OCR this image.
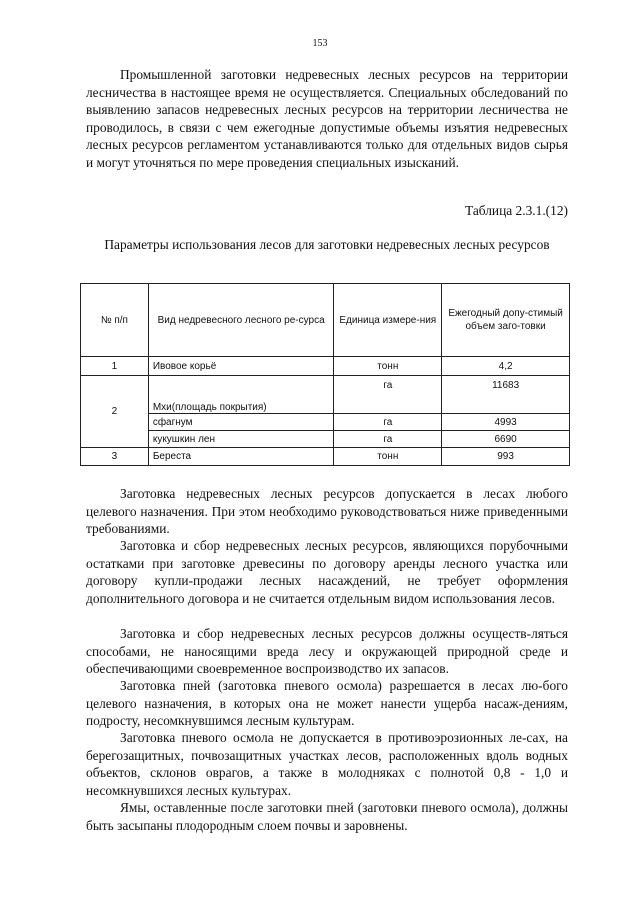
153

Промышленной заготовки недревесных лесных ресурсов на территории лесничества в настоящее время не осуществляется. Специальных обследований по выявлению запасов недревесных лесных ресурсов на территории лесничества не проводилось, в связи с чем ежегодные допустимые объемы изъятия недревесных лесных ресурсов регламентом устанавливаются только для отдельных видов сырья и могут уточняться по мере проведения специальных изысканий.

Таблица 2.3.1.(12)
Параметры использования лесов для заготовки недревесных лесных ресурсов
№ п/п	Вид недревесного лесного ре-сурса	Единица измере-ния	Ежегодный допу-стимый объем заго-товки
1	Ивовое корьё	тонн	4,2
2	Мхи(площадь покрытия)	га	11683
	сфагнум	га	4993
	кукушкин лен	га	6690
3	Береста	тонн	993

Заготовка недревесных лесных ресурсов допускается в лесах любого целевого назначения. При этом необходимо руководствоваться ниже приведенными требованиями.

Заготовка и сбор недревесных лесных ресурсов, являющихся порубочными остатками при заготовке древесины по договору аренды лесного участка или договору купли-продажи лесных насаждений, не требует оформления дополнительного договора и не считается отдельным видом использования лесов.

Заготовка и сбор недревесных лесных ресурсов должны осуществ-ляться способами, не наносящими вреда лесу и окружающей природной среде и обеспечивающими своевременное воспроизводство их запасов.

Заготовка пней (заготовка пневого осмола) разрешается в лесах лю-бого целевого назначения, в которых она не может нанести ущерба насаж-дениям, подросту, несомкнувшимся лесным культурам.

Заготовка пневого осмола не допускается в противоэрозионных ле-сах, на берегозащитных, почвозащитных участках лесов, расположенных вдоль водных объектов, склонов оврагов, а также в молодняках с полнотой 0,8 - 1,0 и несомкнувшихся лесных культурах.

Ямы, оставленные после заготовки пней (заготовки пневого осмола), должны быть засыпаны плодородным слоем почвы и заровнены.
